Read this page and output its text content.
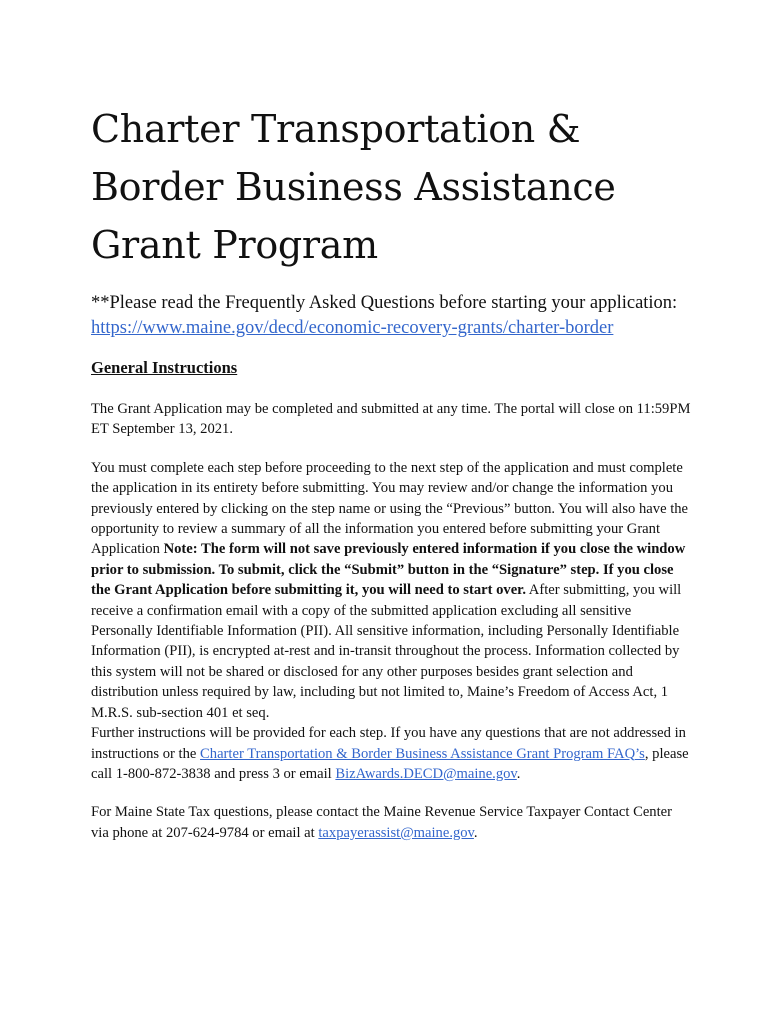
Charter Transportation &
Border Business Assistance
Grant Program

**Please read the Frequently Asked Questions before starting your application: https://www.maine.gov/decd/economic-recovery-grants/charter-border

General Instructions

The Grant Application may be completed and submitted at any time. The portal will close on 11:59PM ET September 13, 2021.

You must complete each step before proceeding to the next step of the application and must complete the application in its entirety before submitting. You may review and/or change the information you previously entered by clicking on the step name or using the “Previous” button. You will also have the opportunity to review a summary of all the information you entered before submitting your Grant Application Note: The form will not save previously entered information if you close the window prior to submission. To submit, click the “Submit” button in the “Signature” step. If you close the Grant Application before submitting it, you will need to start over. After submitting, you will receive a confirmation email with a copy of the submitted application excluding all sensitive Personally Identifiable Information (PII). All sensitive information, including Personally Identifiable Information (PII), is encrypted at-rest and in-transit throughout the process. Information collected by this system will not be shared or disclosed for any other purposes besides grant selection and distribution unless required by law, including but not limited to, Maine’s Freedom of Access Act, 1 M.R.S. sub-section 401 et seq.
Further instructions will be provided for each step. If you have any questions that are not addressed in instructions or the Charter Transportation & Border Business Assistance Grant Program FAQ’s, please call 1-800-872-3838 and press 3 or email BizAwards.DECD@maine.gov.

For Maine State Tax questions, please contact the Maine Revenue Service Taxpayer Contact Center via phone at 207-624-9784 or email at taxpayerassist@maine.gov.
